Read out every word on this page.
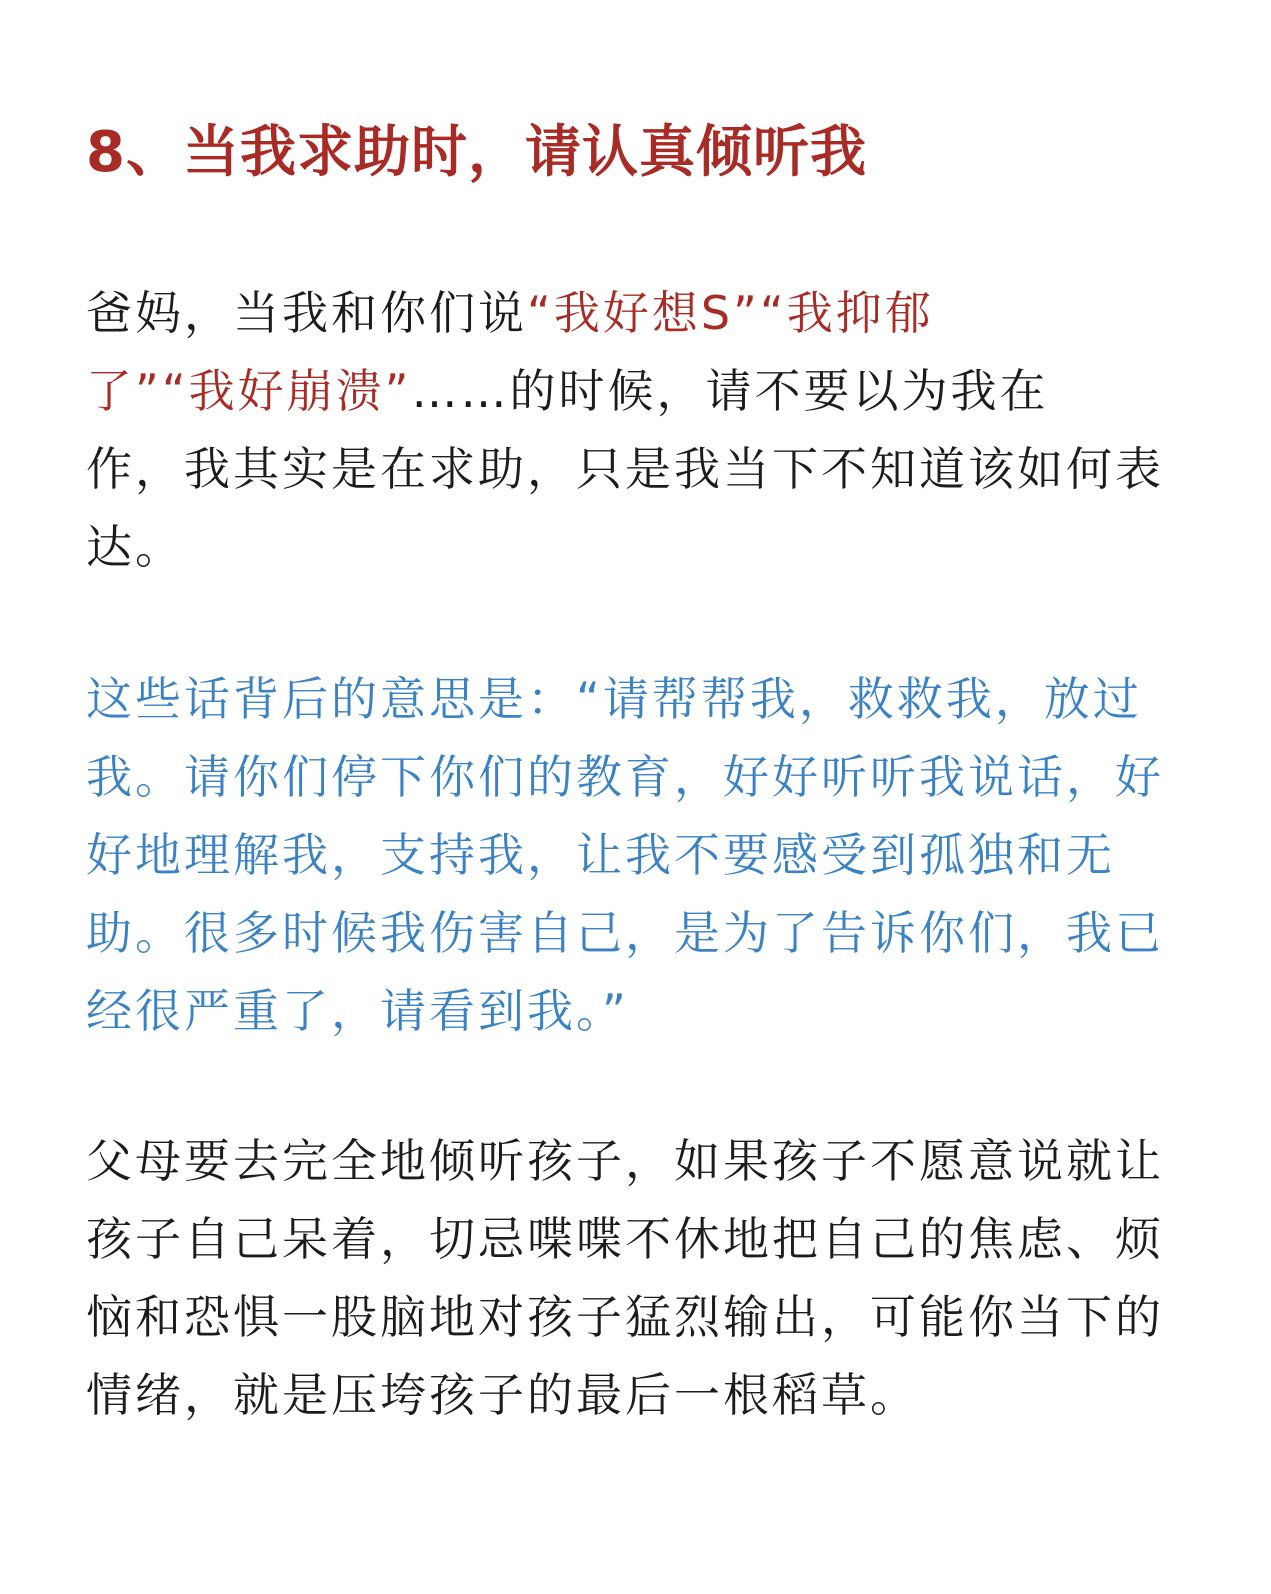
8、当我求助时，请认真倾听我
爸妈，当我和你们说“我好想S”“我抑郁
了”“我好崩溃”……的时候，请不要以为我在
作，我其实是在求助，只是我当下不知道该如何表
达。
这些话背后的意思是：“请帮帮我，救救我，放过
我。请你们停下你们的教育，好好听听我说话，好
好地理解我，支持我，让我不要感受到孤独和无
助。很多时候我伤害自己，是为了告诉你们，我已
经很严重了，请看到我。”
父母要去完全地倾听孩子，如果孩子不愿意说就让
孩子自己呆着，切忌喋喋不休地把自己的焦虑、烦
恼和恐惧一股脑地对孩子猛烈输出，可能你当下的
情绪，就是压垮孩子的最后一根稻草。
